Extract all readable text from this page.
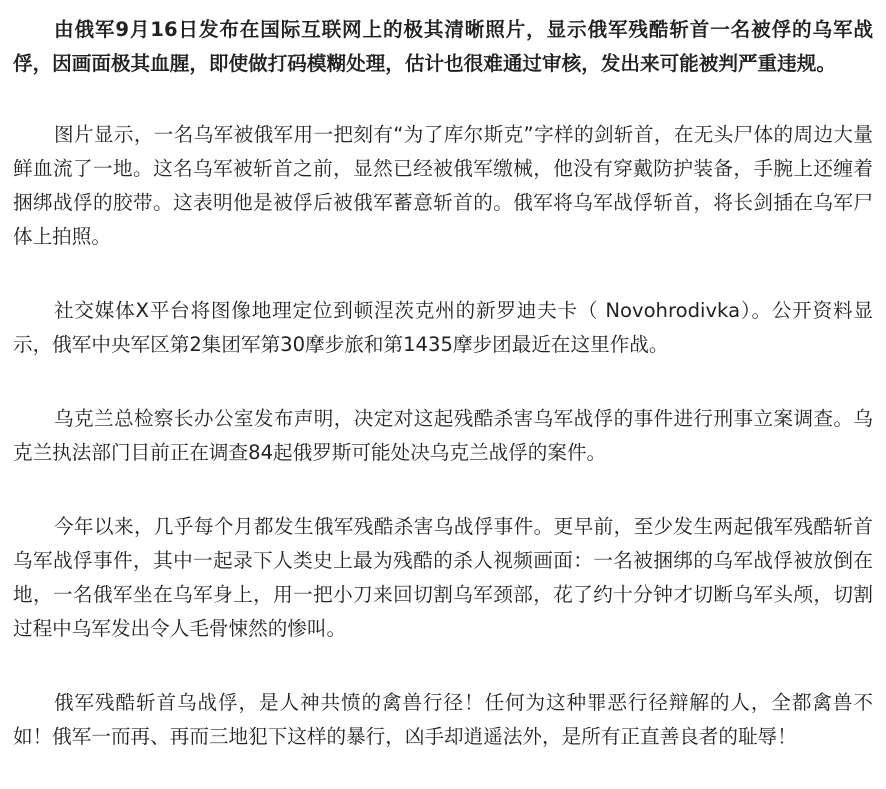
由俄军9月16日发布在国际互联网上的极其清晰照片，显示俄军残酷斩首一名被俘的乌军战俘，因画面极其血腥，即使做打码模糊处理，估计也很难通过审核，发出来可能被判严重违规。

图片显示，一名乌军被俄军用一把刻有“为了库尔斯克”字样的剑斩首，在无头尸体的周边大量鲜血流了一地。这名乌军被斩首之前，显然已经被俄军缴械，他没有穿戴防护装备，手腕上还缠着捆绑战俘的胶带。这表明他是被俘后被俄军蓄意斩首的。俄军将乌军战俘斩首，将长剑插在乌军尸体上拍照。

社交媒体X平台将图像地理定位到顿涅茨克州的新罗迪夫卡（ Novohrodivka）。公开资料显示，俄军中央军区第2集团军第30摩步旅和第1435摩步团最近在这里作战。

乌克兰总检察长办公室发布声明，决定对这起残酷杀害乌军战俘的事件进行刑事立案调查。乌克兰执法部门目前正在调查84起俄罗斯可能处决乌克兰战俘的案件。

今年以来，几乎每个月都发生俄军残酷杀害乌战俘事件。更早前，至少发生两起俄军残酷斩首乌军战俘事件，其中一起录下人类史上最为残酷的杀人视频画面：一名被捆绑的乌军战俘被放倒在地，一名俄军坐在乌军身上，用一把小刀来回切割乌军颈部，花了约十分钟才切断乌军头颅，切割过程中乌军发出令人毛骨悚然的惨叫。

俄军残酷斩首乌战俘，是人神共愤的禽兽行径！任何为这种罪恶行径辩解的人，全都禽兽不如！俄军一而再、再而三地犯下这样的暴行，凶手却逍遥法外，是所有正直善良者的耻辱！
